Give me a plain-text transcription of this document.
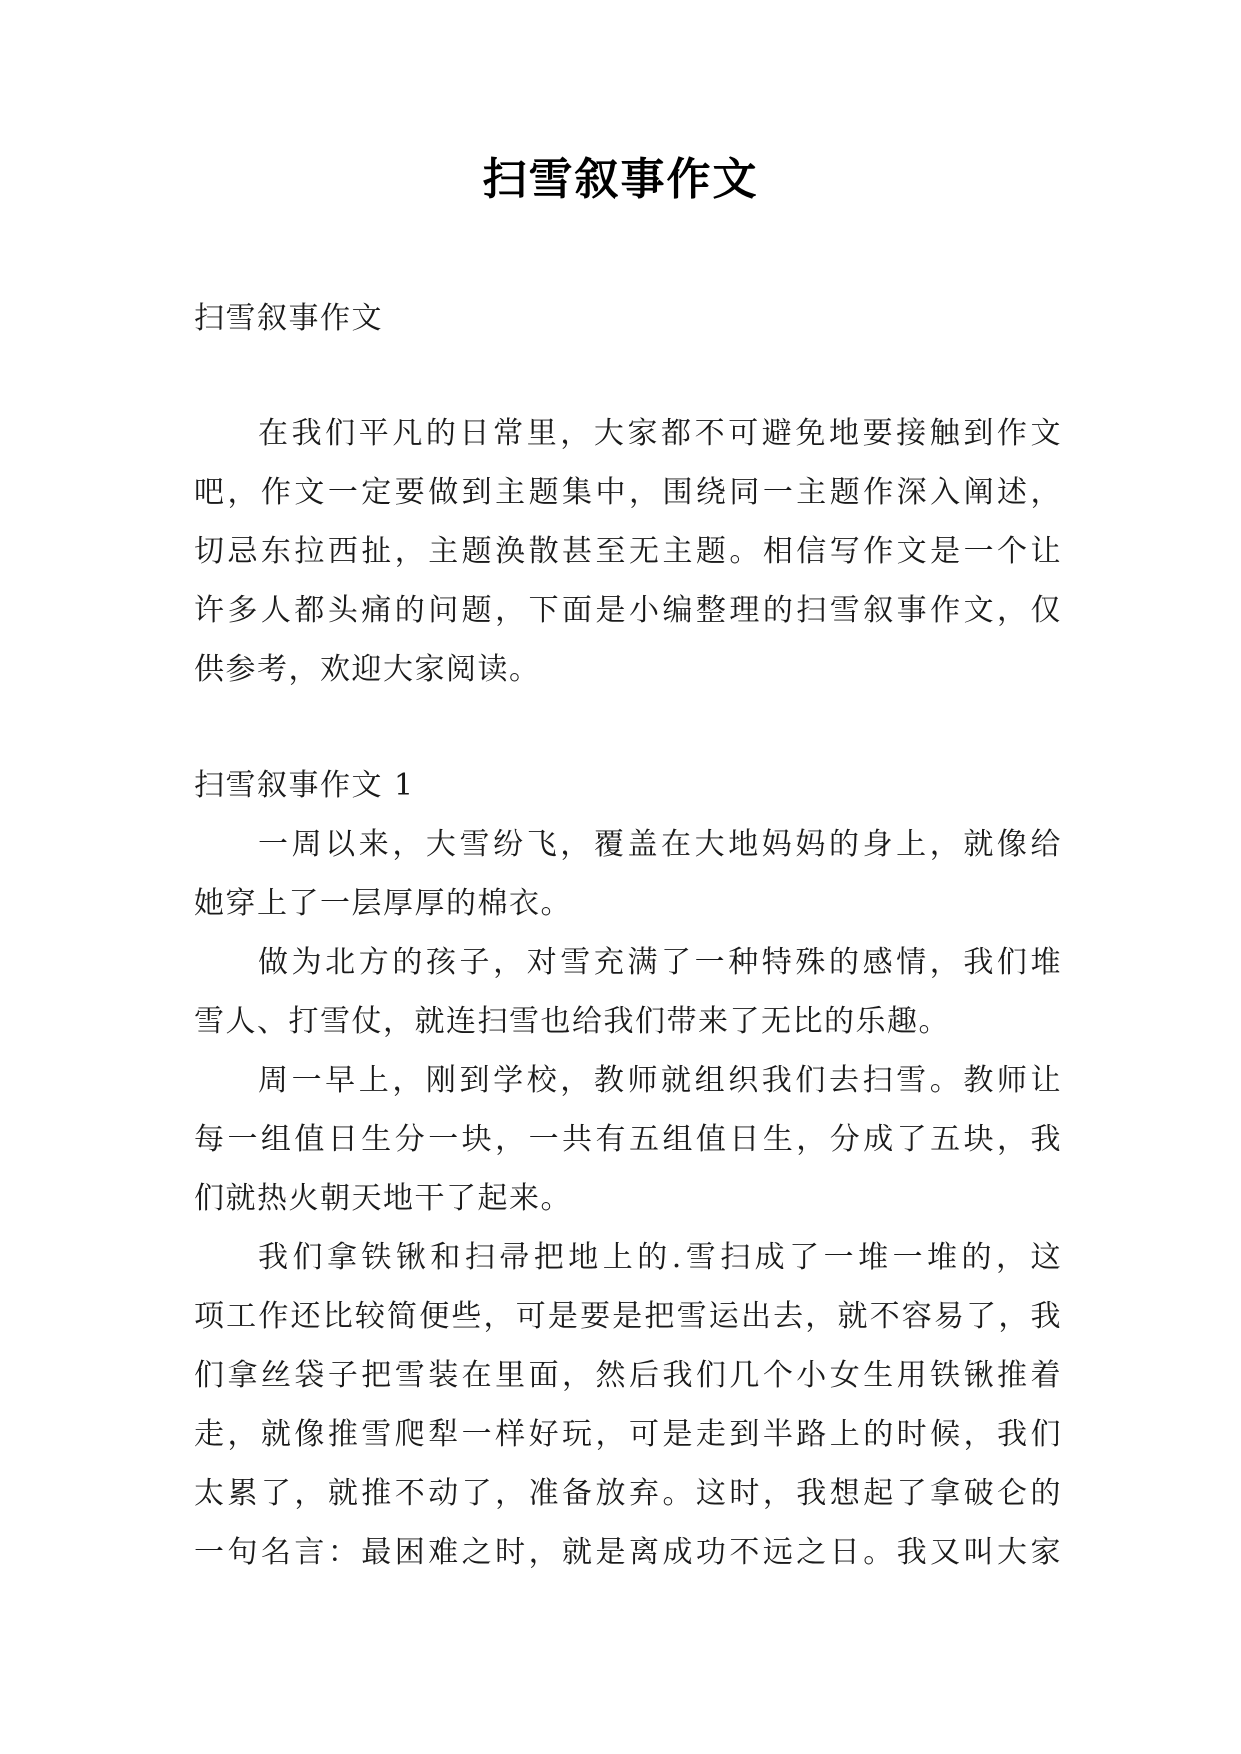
扫雪叙事作文
扫雪叙事作文
在我们平凡的日常里，大家都不可避免地要接触到作文
吧，作文一定要做到主题集中，围绕同一主题作深入阐述，
切忌东拉西扯，主题涣散甚至无主题。相信写作文是一个让
许多人都头痛的问题，下面是小编整理的扫雪叙事作文，仅
供参考，欢迎大家阅读。
扫雪叙事作文 1
一周以来，大雪纷飞，覆盖在大地妈妈的身上，就像给
她穿上了一层厚厚的棉衣。
做为北方的孩子，对雪充满了一种特殊的感情，我们堆
雪人、打雪仗，就连扫雪也给我们带来了无比的乐趣。
周一早上，刚到学校，教师就组织我们去扫雪。教师让
每一组值日生分一块，一共有五组值日生，分成了五块，我
们就热火朝天地干了起来。
我们拿铁锹和扫帚把地上的.雪扫成了一堆一堆的，这
项工作还比较简便些，可是要是把雪运出去，就不容易了，我
们拿丝袋子把雪装在里面，然后我们几个小女生用铁锹推着
走，就像推雪爬犁一样好玩，可是走到半路上的时候，我们
太累了，就推不动了，准备放弃。这时，我想起了拿破仑的
一句名言：最困难之时，就是离成功不远之日。我又叫大家
